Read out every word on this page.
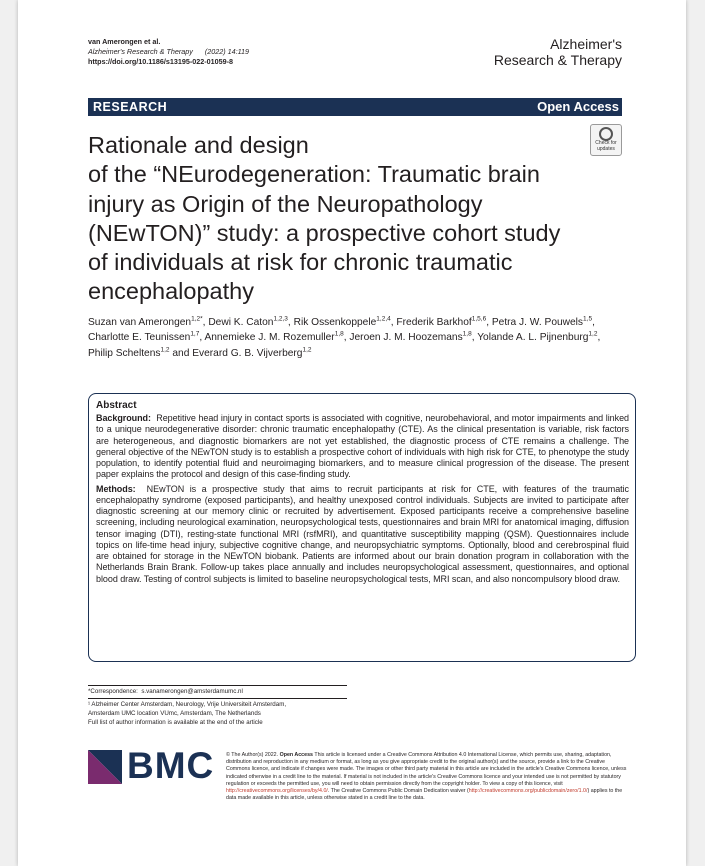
van Amerongen et al.
Alzheimer's Research & Therapy (2022) 14:119
https://doi.org/10.1186/s13195-022-01059-8
Alzheimer's
Research & Therapy
RESEARCH	Open Access
Check for
updates
Rationale and design
of the “NEurodegeneration: Traumatic brain
injury as Origin of the Neuropathology
(NEwTON)” study: a prospective cohort study
of individuals at risk for chronic traumatic
encephalopathy
Suzan van Amerongen$^{1,2*}$, Dewi K. Caton$^{1,2,3}$, Rik Ossenkoppele$^{1,2,4}$, Frederik Barkhof$^{1,5,6}$, Petra J. W. Pouwels$^{1,5}$, Charlotte E. Teunissen$^{1,7}$, Annemieke J. M. Rozemuller$^{1,8}$, Jeroen J. M. Hoozemans$^{1,8}$, Yolande A. L. Pijnenburg$^{1,2}$, Philip Scheltens$^{1,2}$ and Everard G. B. Vijverberg$^{1,2}$
Abstract

Background: Repetitive head injury in contact sports is associated with cognitive, neurobehavioral, and motor impairments and linked to a unique neurodegenerative disorder: chronic traumatic encephalopathy (CTE). As the clinical presentation is variable, risk factors are heterogeneous, and diagnostic biomarkers are not yet established, the diagnostic process of CTE remains a challenge. The general objective of the NEwTON study is to establish a prospective cohort of individuals with high risk for CTE, to phenotype the study population, to identify potential fluid and neuroimaging biomarkers, and to measure clinical progression of the disease. The present paper explains the protocol and design of this case-finding study.

Methods: NEwTON is a prospective study that aims to recruit participants at risk for CTE, with features of the traumatic encephalopathy syndrome (exposed participants), and healthy unexposed control individuals. Subjects are invited to participate after diagnostic screening at our memory clinic or recruited by advertisement. Exposed participants receive a comprehensive baseline screening, including neurological examination, neuropsychological tests, questionnaires and brain MRI for anatomical imaging, diffusion tensor imaging (DTI), resting-state functional MRI (rsfMRI), and quantitative susceptibility mapping (QSM). Questionnaires include topics on life-time head injury, subjective cognitive change, and neuropsychiatric symptoms. Optionally, blood and cerebrospinal fluid are obtained for storage in the NEwTON biobank. Patients are informed about our brain donation program in collaboration with the Netherlands Brain Brank. Follow-up takes place annually and includes neuropsychological assessment, questionnaires, and optional blood draw. Testing of control subjects is limited to baseline neuropsychological tests, MRI scan, and also noncompulsory blood draw.

*Correspondence: s.vanamerongen@amsterdamumc.nl
¹ Alzheimer Center Amsterdam, Neurology, Vrije Universiteit Amsterdam,
Amsterdam UMC location VUmc, Amsterdam, The Netherlands
Full list of author information is available at the end of the article
BMC © The Author(s) 2022. Open Access This article is licensed under a Creative Commons Attribution 4.0 International License, which permits use, sharing, adaptation, distribution and reproduction in any medium or format, as long as you give appropriate credit to the original author(s) and the source, provide a link to the Creative Commons licence, and indicate if changes were made. The images or other third party material in this article are included in the article's Creative Commons licence, unless indicated otherwise in a credit line to the material. If material is not included in the article's Creative Commons licence and your intended use is not permitted by statutory regulation or exceeds the permitted use, you will need to obtain permission directly from the copyright holder. To view a copy of this licence, visit http://creativecommons.org/licenses/by/4.0/. The Creative Commons Public Domain Dedication waiver (http://creativecommons.org/publicdomain/zero/1.0/) applies to the data made available in this article, unless otherwise stated in a credit line to the data.
